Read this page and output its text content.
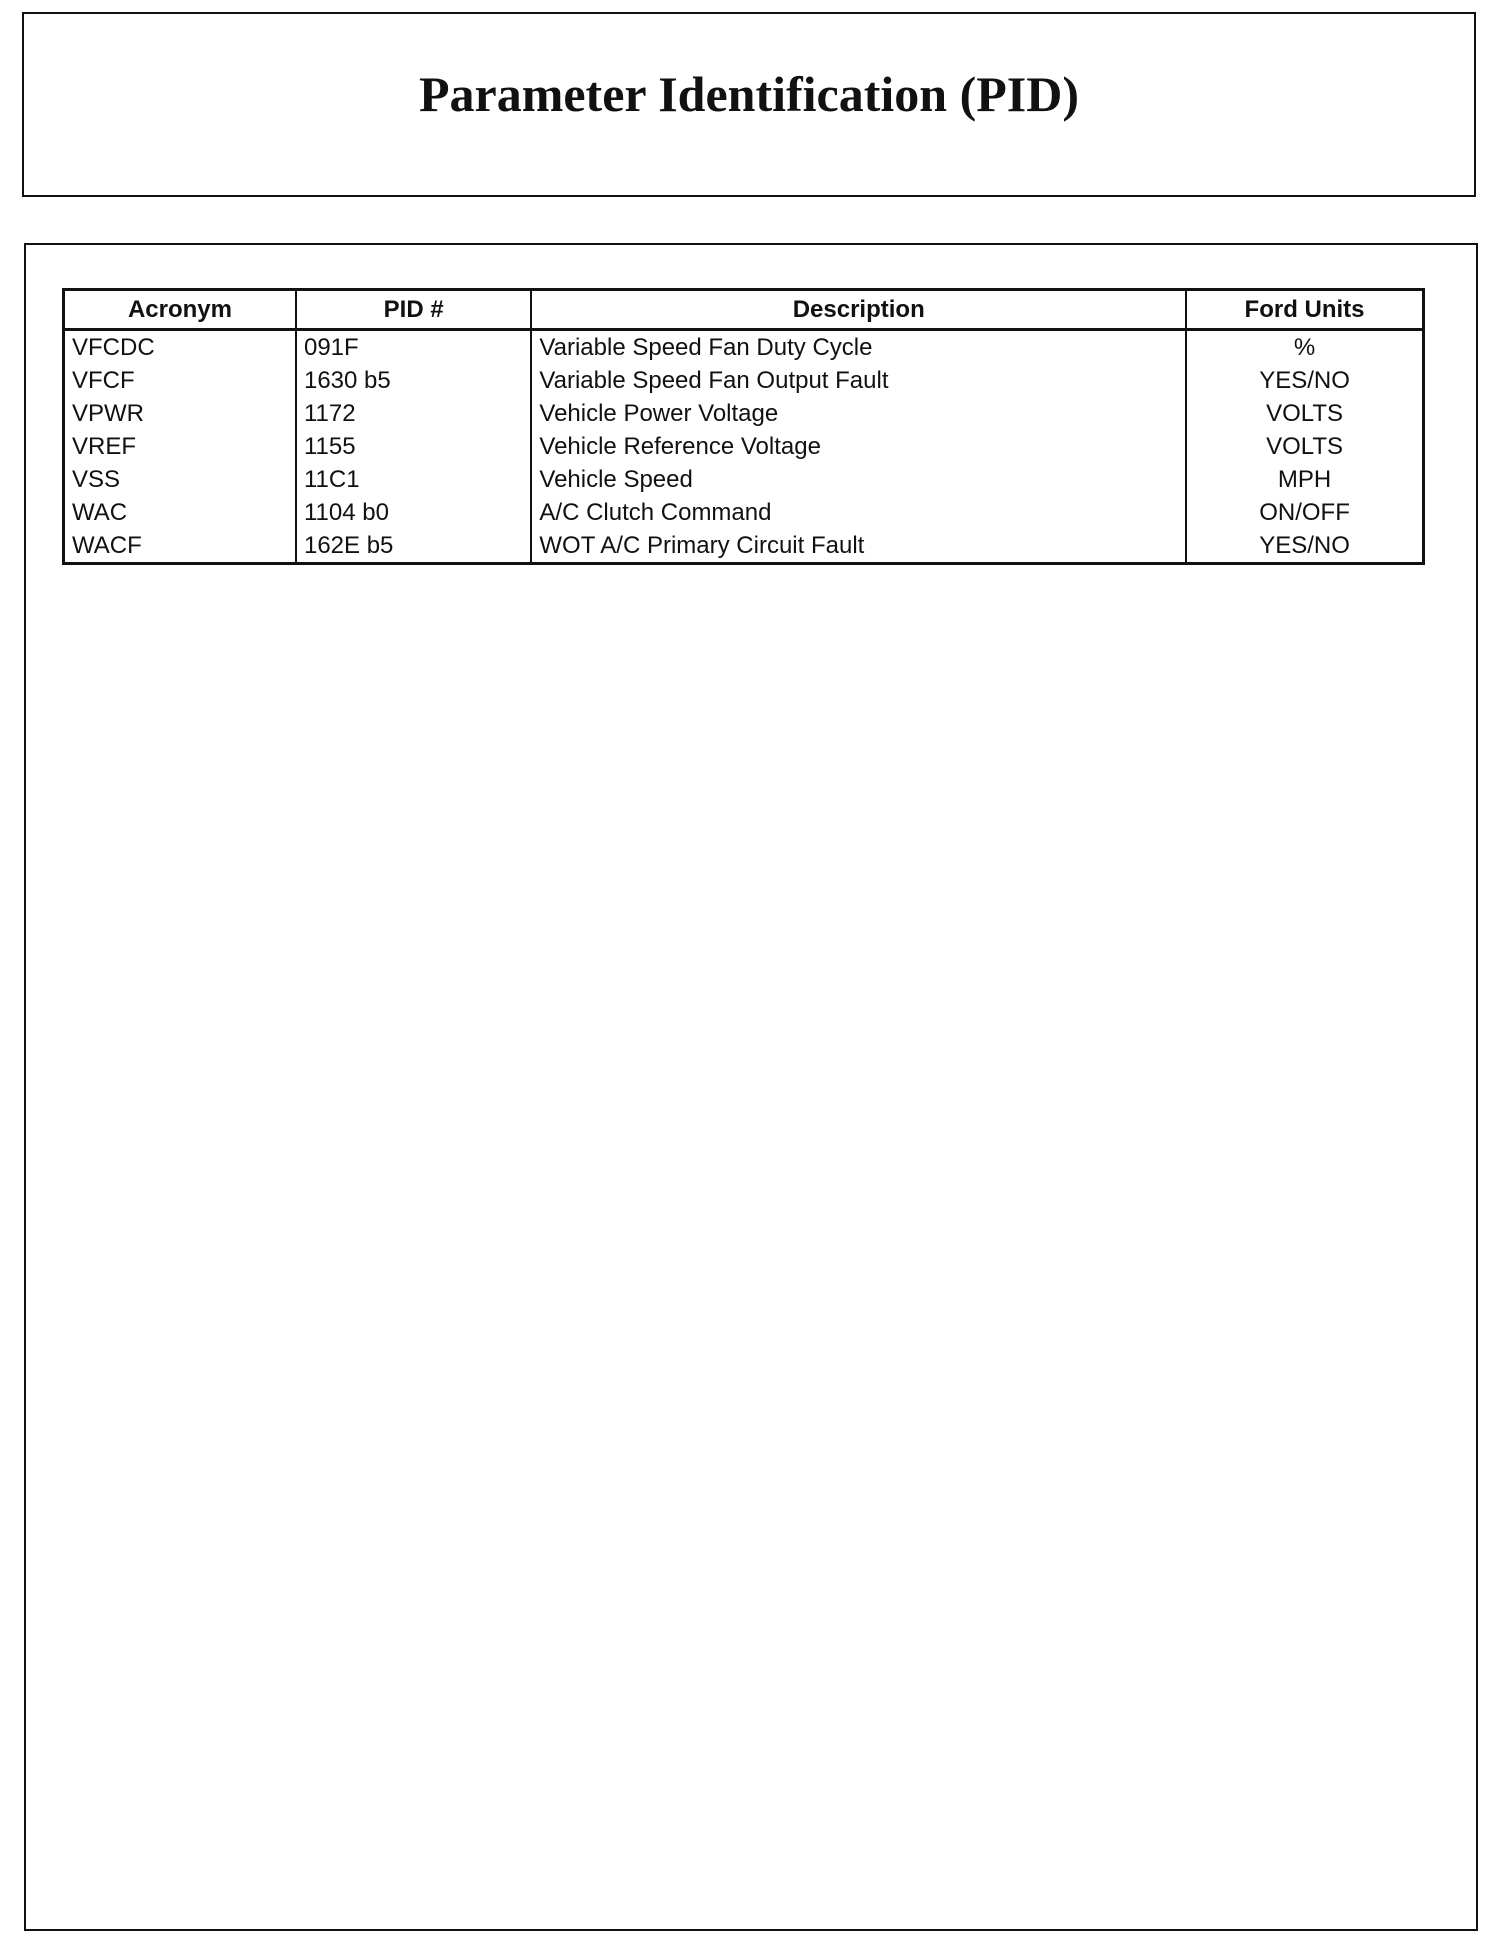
Parameter Identification (PID)
Acronym	PID #	Description	Ford Units
VFCDC	091F	Variable Speed Fan Duty Cycle	%
VFCF	1630 b5	Variable Speed Fan Output Fault	YES/NO
VPWR	1172	Vehicle Power Voltage	VOLTS
VREF	1155	Vehicle Reference Voltage	VOLTS
VSS	11C1	Vehicle Speed	MPH
WAC	1104 b0	A/C Clutch Command	ON/OFF
WACF	162E b5	WOT A/C Primary Circuit Fault	YES/NO
